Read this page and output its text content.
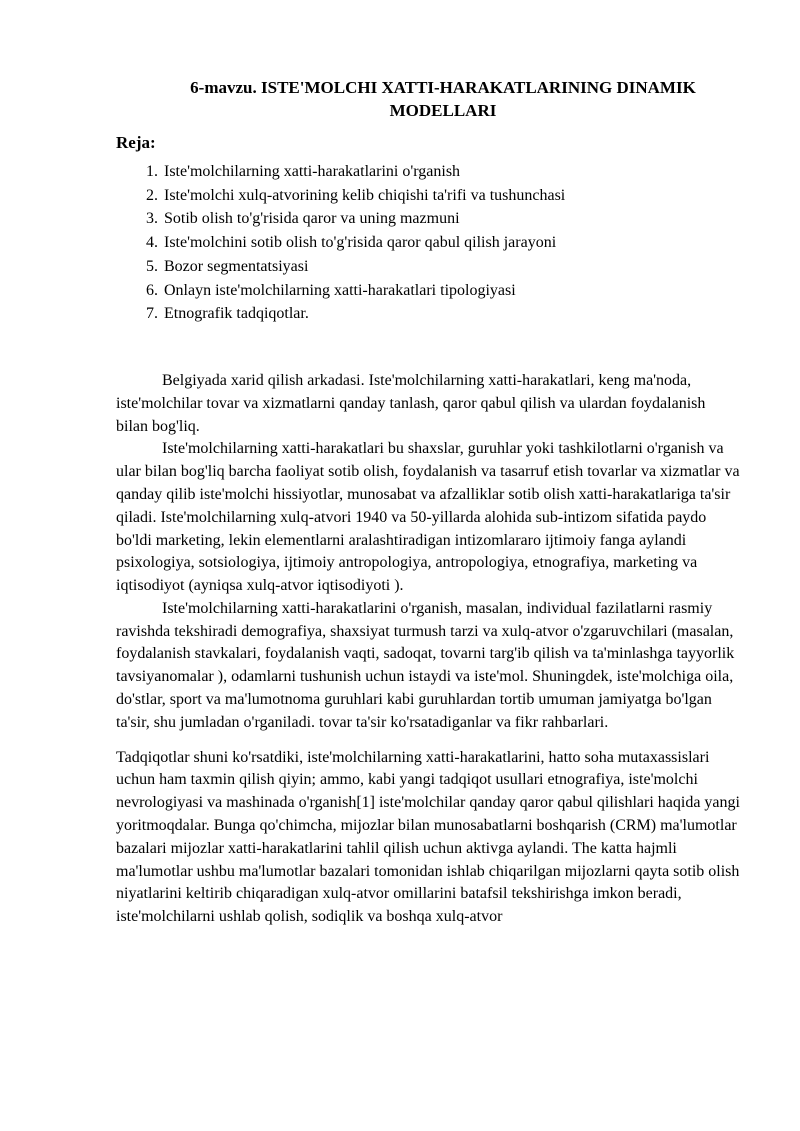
6-mavzu. ISTE'MOLCHI XATTI-HARAKATLARINING DINAMIK MODELLARI
Reja:
1. Iste'molchilarning xatti-harakatlarini o'rganish
2. Iste'molchi xulq-atvorining kelib chiqishi ta'rifi va tushunchasi
3. Sotib olish to'g'risida qaror va uning mazmuni
4. Iste'molchini sotib olish to'g'risida qaror qabul qilish jarayoni
5. Bozor segmentatsiyasi
6. Onlayn iste'molchilarning xatti-harakatlari tipologiyasi
7. Etnografik tadqiqotlar.

Belgiyada xarid qilish arkadasi. Iste'molchilarning xatti-harakatlari, keng ma'noda, iste'molchilar tovar va xizmatlarni qanday tanlash, qaror qabul qilish va ulardan foydalanish bilan bog'liq.

Iste'molchilarning xatti-harakatlari bu shaxslar, guruhlar yoki tashkilotlarni o'rganish va ular bilan bog'liq barcha faoliyat sotib olish, foydalanish va tasarruf etish tovarlar va xizmatlar va qanday qilib iste'molchi hissiyotlar, munosabat va afzalliklar sotib olish xatti-harakatlariga ta'sir qiladi. Iste'molchilarning xulq-atvori 1940 va 50-yillarda alohida sub-intizom sifatida paydo bo'ldi marketing, lekin elementlarni aralashtiradigan intizomlararo ijtimoiy fanga aylandi psixologiya, sotsiologiya, ijtimoiy antropologiya, antropologiya, etnografiya, marketing va iqtisodiyot (ayniqsa xulq-atvor iqtisodiyoti ).

Iste'molchilarning xatti-harakatlarini o'rganish, masalan, individual fazilatlarni rasmiy ravishda tekshiradi demografiya, shaxsiyat turmush tarzi va xulq-atvor o'zgaruvchilari (masalan, foydalanish stavkalari, foydalanish vaqti, sadoqat, tovarni targ'ib qilish va ta'minlashga tayyorlik tavsiyanomalar ), odamlarni tushunish uchun istaydi va iste'mol. Shuningdek, iste'molchiga oila, do'stlar, sport va ma'lumotnoma guruhlari kabi guruhlardan tortib umuman jamiyatga bo'lgan ta'sir, shu jumladan o'rganiladi. tovar ta'sir ko'rsatadiganlar va fikr rahbarlari.

Tadqiqotlar shuni ko'rsatdiki, iste'molchilarning xatti-harakatlarini, hatto soha mutaxassislari uchun ham taxmin qilish qiyin; ammo, kabi yangi tadqiqot usullari etnografiya, iste'molchi nevrologiyasi va mashinada o'rganish[1] iste'molchilar qanday qaror qabul qilishlari haqida yangi yoritmoqdalar. Bunga qo'chimcha, mijozlar bilan munosabatlarni boshqarish (CRM) ma'lumotlar bazalari mijozlar xatti-harakatlarini tahlil qilish uchun aktivga aylandi. The katta hajmli ma'lumotlar ushbu ma'lumotlar bazalari tomonidan ishlab chiqarilgan mijozlarni qayta sotib olish niyatlarini keltirib chiqaradigan xulq-atvor omillarini batafsil tekshirishga imkon beradi, iste'molchilarni ushlab qolish, sodiqlik va boshqa xulq-atvor
